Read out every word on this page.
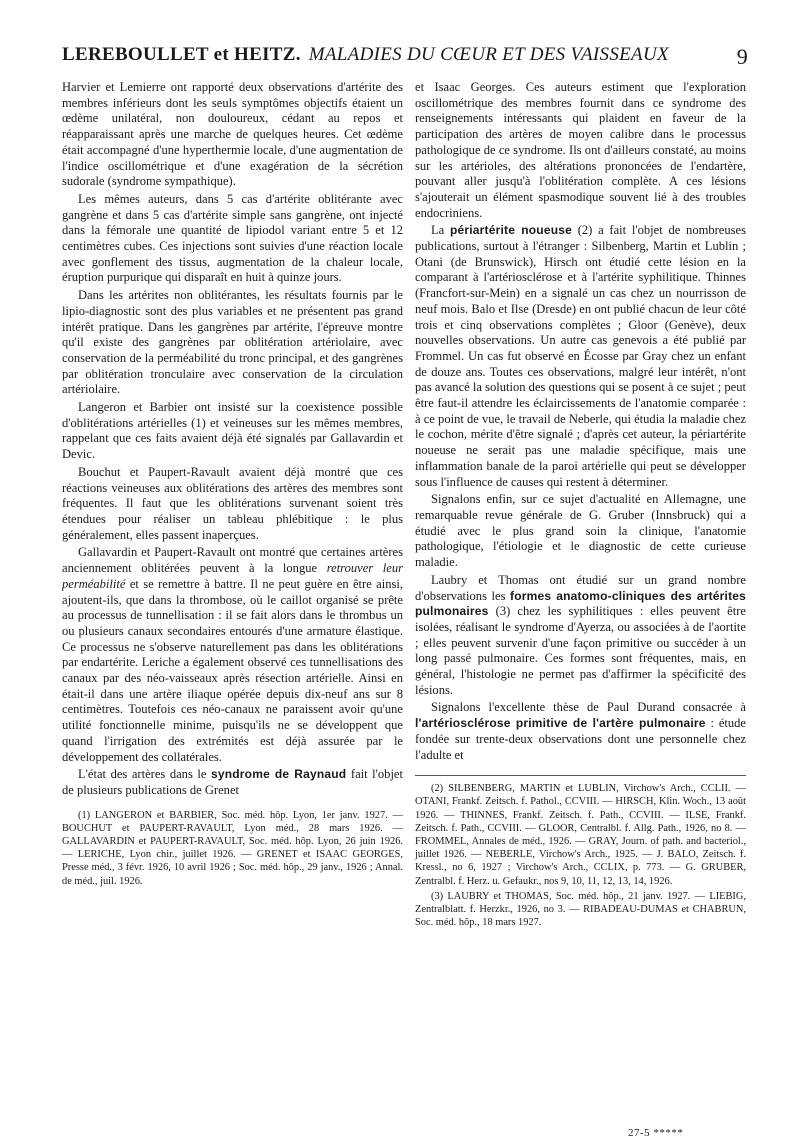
LEREBOULLET et HEITZ. MALADIES DU CŒUR ET DES VAISSEAUX	9

Harvier et Lemierre ont rapporté deux observations d'artérite des membres inférieurs dont les seuls symptômes objectifs étaient un œdème unilatéral, non douloureux, cédant au repos et réapparaissant après une marche de quelques heures. Cet œdème était accompagné d'une hyperthermie locale, d'une augmentation de l'indice oscillométrique et d'une exagération de la sécrétion sudorale (syndrome sympathique).

Les mêmes auteurs, dans 5 cas d'artérite oblitérante avec gangrène et dans 5 cas d'artérite simple sans gangrène, ont injecté dans la fémorale une quantité de lipiodol variant entre 5 et 12 centimètres cubes. Ces injections sont suivies d'une réaction locale avec gonflement des tissus, augmentation de la chaleur locale, éruption purpurique qui disparaît en huit à quinze jours.

Dans les artérites non oblitérantes, les résultats fournis par le lipio-diagnostic sont des plus variables et ne présentent pas grand intérêt pratique. Dans les gangrènes par artérite, l'épreuve montre qu'il existe des gangrènes par oblitération artériolaire, avec conservation de la perméabilité du tronc principal, et des gangrènes par oblitération tronculaire avec conservation de la circulation artériolaire.

Langeron et Barbier ont insisté sur la coexistence possible d'oblitérations artérielles (1) et veineuses sur les mêmes membres, rappelant que ces faits avaient déjà été signalés par Gallavardin et Devic.

Bouchut et Paupert-Ravault avaient déjà montré que ces réactions veineuses aux oblitérations des artères des membres sont fréquentes. Il faut que les oblitérations survenant soient très étendues pour réaliser un tableau phlébitique : le plus généralement, elles passent inaperçues.

Gallavardin et Paupert-Ravault ont montré que certaines artères anciennement oblitérées peuvent à la longue retrouver leur perméabilité et se remettre à battre. Il ne peut guère en être ainsi, ajoutent-ils, que dans la thrombose, où le caillot organisé se prête au processus de tunnellisation : il se fait alors dans le thrombus un ou plusieurs canaux secondaires entourés d'une armature élastique. Ce processus ne s'observe naturellement pas dans les oblitérations par endartérite. Leriche a également observé ces tunnellisations des canaux par des néo-vaisseaux après résection artérielle. Ainsi en était-il dans une artère iliaque opérée depuis dix-neuf ans sur 8 centimètres. Toutefois ces néo-canaux ne paraissent avoir qu'une utilité fonctionnelle minime, puisqu'ils ne se développent que quand l'irrigation des extrémités est déjà assurée par le développement des collatérales.

L'état des artères dans le syndrome de Raynaud fait l'objet de plusieurs publications de Grenet

(1) LANGERON et BARBIER, Soc. méd. hôp. Lyon, 1er janv. 1927. — BOUCHUT et PAUPERT-RAVAULT, Lyon méd., 28 mars 1926. — GALLAVARDIN et PAUPERT-RAVAULT, Soc. méd. hôp. Lyon, 26 juin 1926. — LERICHE, Lyon chir., juillet 1926. — GRENET et ISAAC GEORGES, Presse méd., 3 févr. 1926, 10 avril 1926 ; Soc. méd. hôp., 29 janv., 1926 ; Annal. de méd., juil. 1926.

et Isaac Georges. Ces auteurs estiment que l'exploration oscillométrique des membres fournit dans ce syndrome des renseignements intéressants qui plaident en faveur de la participation des artères de moyen calibre dans le processus pathologique de ce syndrome. Ils ont d'ailleurs constaté, au moins sur les artérioles, des altérations prononcées de l'endartère, pouvant aller jusqu'à l'oblitération complète. A ces lésions s'ajouterait un élément spasmodique souvent lié à des troubles endocriniens.

La périartérite noueuse (2) a fait l'objet de nombreuses publications, surtout à l'étranger : Silbenberg, Martin et Lublin ; Otani (de Brunswick), Hirsch ont étudié cette lésion en la comparant à l'artériosclérose et à l'artérite syphilitique. Thinnes (Francfort-sur-Mein) en a signalé un cas chez un nourrisson de neuf mois. Balo et Ilse (Dresde) en ont publié chacun de leur côté trois et cinq observations complètes ; Gloor (Genève), deux nouvelles observations. Un autre cas genevois a été publié par Frommel. Un cas fut observé en Écosse par Gray chez un enfant de douze ans. Toutes ces observations, malgré leur intérêt, n'ont pas avancé la solution des questions qui se posent à ce sujet ; peut être faut-il attendre les éclaircissements de l'anatomie comparée : à ce point de vue, le travail de Neberle, qui étudia la maladie chez le cochon, mérite d'être signalé ; d'après cet auteur, la périartérite noueuse ne serait pas une maladie spécifique, mais une inflammation banale de la paroi artérielle qui peut se développer sous l'influence de causes qui restent à déterminer.

Signalons enfin, sur ce sujet d'actualité en Allemagne, une remarquable revue générale de G. Gruber (Innsbruck) qui a étudié avec le plus grand soin la clinique, l'anatomie pathologique, l'étiologie et le diagnostic de cette curieuse maladie.

Laubry et Thomas ont étudié sur un grand nombre d'observations les formes anatomo-cliniques des artérites pulmonaires (3) chez les syphilitiques : elles peuvent être isolées, réalisant le syndrome d'Ayerza, ou associées à de l'aortite ; elles peuvent survenir d'une façon primitive ou succéder à un long passé pulmonaire. Ces formes sont fréquentes, mais, en général, l'histologie ne permet pas d'affirmer la spécificité des lésions.

Signalons l'excellente thèse de Paul Durand consacrée à l'artériosclérose primitive de l'artère pulmonaire : étude fondée sur trente-deux observations dont une personnelle chez l'adulte et

(2) SILBENBERG, MARTIN et LUBLIN, Virchow's Arch., CCLII. — OTANI, Frankf. Zeitsch. f. Pathol., CCVIII. — HIRSCH, Klin. Woch., 13 août 1926. — THINNES, Frankf. Zeitsch. f. Path., CCVIII. — ILSE, Frankf. Zeitsch. f. Path., CCVIII. — GLOOR, Centralbl. f. Allg. Path., 1926, no 8. — FROMMEL, Annales de méd., 1926. — GRAY, Journ. of path. and bacteriol., juillet 1926. — NEBERLE, Virchow's Arch., 1925. — J. BALO, Zeitsch. f. Kressl., no 6, 1927 ; Virchow's Arch., CCLIX, p. 773. — G. GRUBER, Zentralbl. f. Herz. u. Gefaukr., nos 9, 10, 11, 12, 13, 14, 1926.

(3) LAUBRY et THOMAS, Soc. méd. hôp., 21 janv. 1927. — LIEBIG, Zentralblatt. f. Herzkr., 1926, no 3. — RIBADEAU-DUMAS et CHABRUN, Soc. méd. hôp., 18 mars 1927.

27-5 *****
